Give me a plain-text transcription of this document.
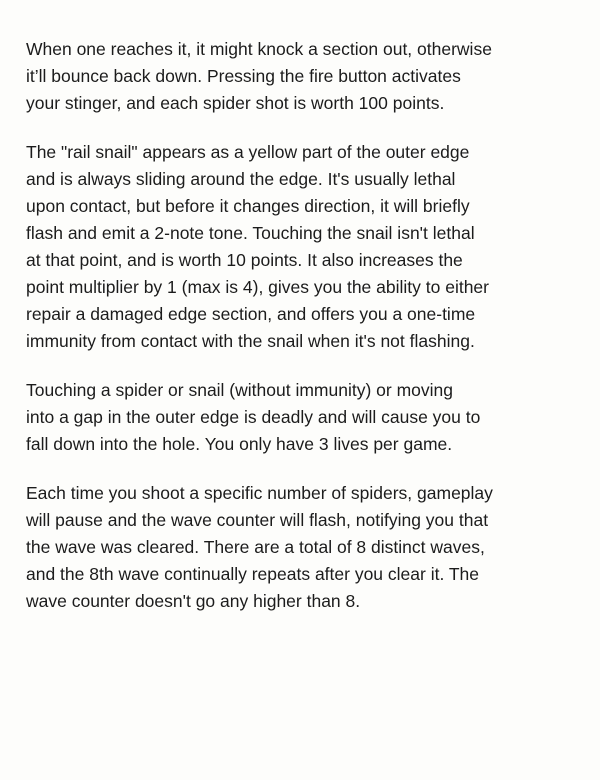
When one reaches it, it might knock a section out, otherwise
it’ll bounce back down. Pressing the fire button activates
your stinger, and each spider shot is worth 100 points.

The "rail snail" appears as a yellow part of the outer edge
and is always sliding around the edge. It's usually lethal
upon contact, but before it changes direction, it will briefly
flash and emit a 2-note tone. Touching the snail isn't lethal
at that point, and is worth 10 points. It also increases the
point multiplier by 1 (max is 4), gives you the ability to either
repair a damaged edge section, and offers you a one-time
immunity from contact with the snail when it's not flashing.

Touching a spider or snail (without immunity) or moving
into a gap in the outer edge is deadly and will cause you to
fall down into the hole. You only have 3 lives per game.

Each time you shoot a specific number of spiders, gameplay
will pause and the wave counter will flash, notifying you that
the wave was cleared. There are a total of 8 distinct waves,
and the 8th wave continually repeats after you clear it. The
wave counter doesn't go any higher than 8.
